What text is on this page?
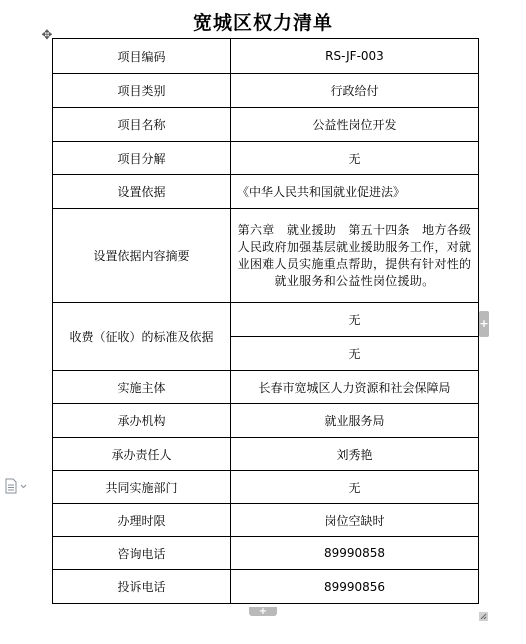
宽城区权力清单
✥
项目编码	RS-JF-003
项目类别	行政给付
项目名称	公益性岗位开发
项目分解	无
设置依据	《中华人民共和国就业促进法》
设置依据内容摘要	第六章　就业援助　第五十四条　地方各级人民政府加强基层就业援助服务工作，对就业困难人员实施重点帮助，提供有针对性的就业服务和公益性岗位援助。
收费（征收）的标准及依据	无
	无
实施主体	长春市宽城区人力资源和社会保障局
承办机构	就业服务局
承办责任人	刘秀艳
共同实施部门	无
办理时限	岗位空缺时
咨询电话	89990858
投诉电话	89990856
+
+
